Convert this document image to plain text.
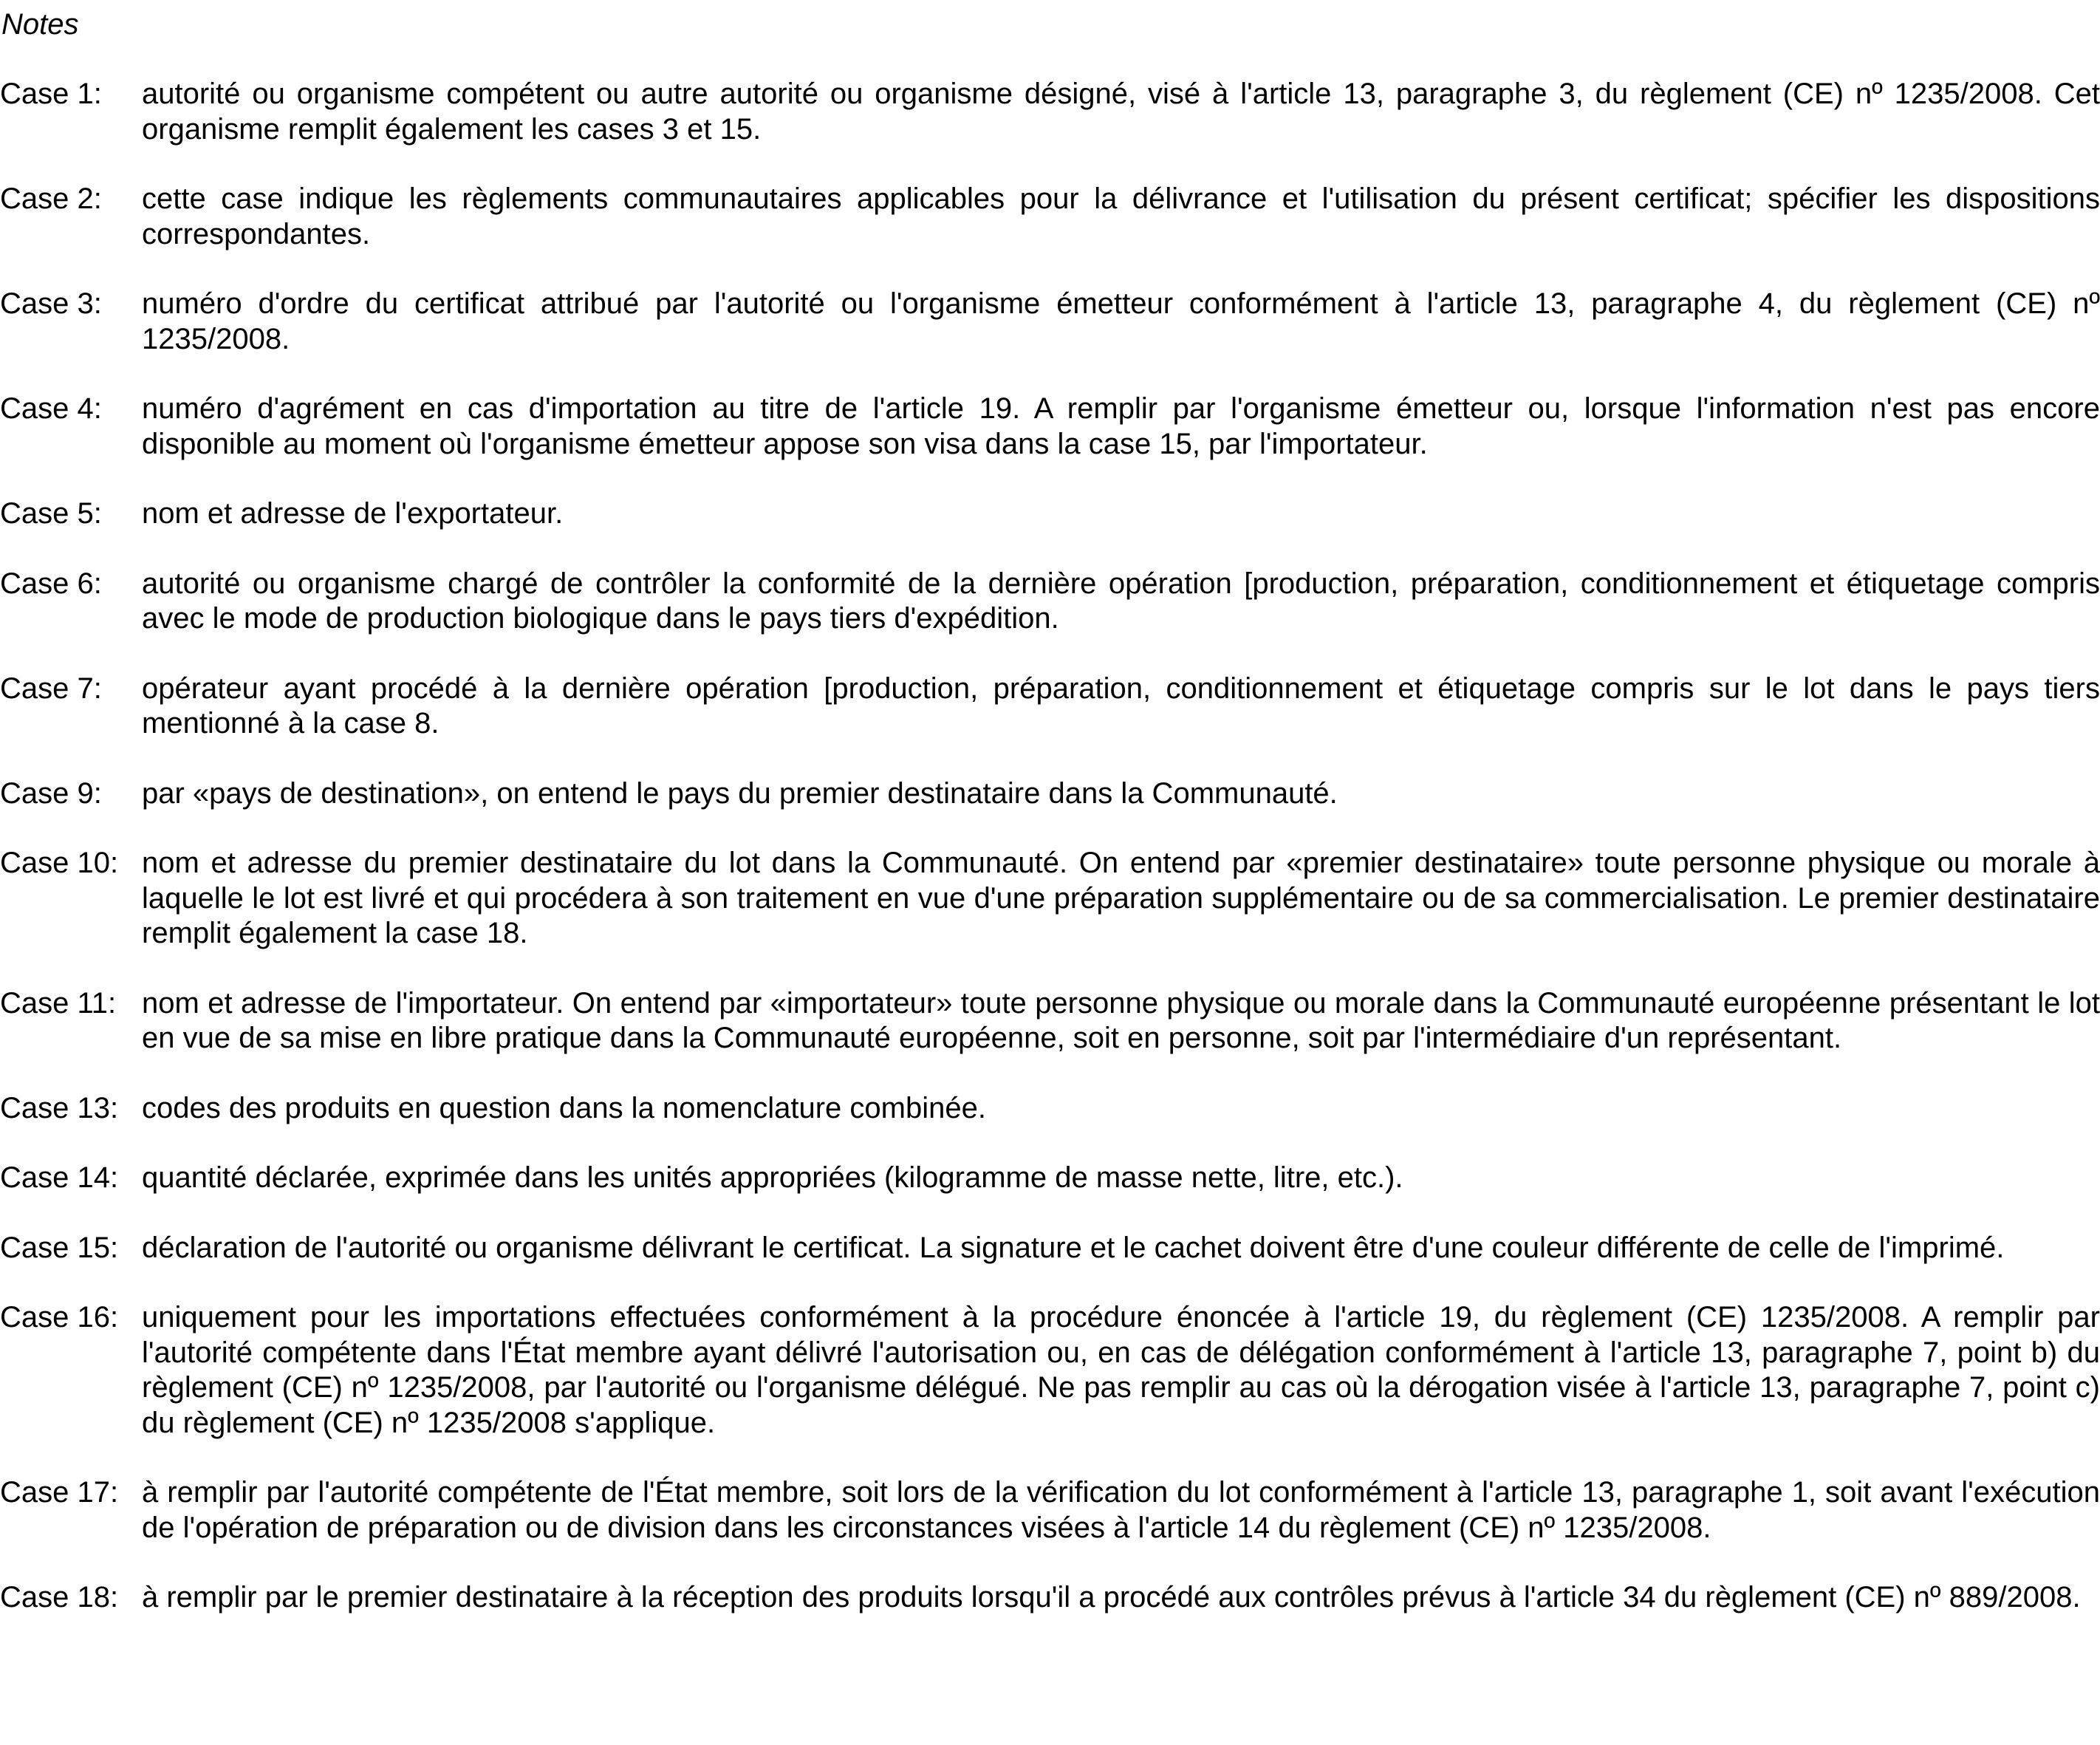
Notes
Case 1:	autorité ou organisme compétent ou autre autorité ou organisme désigné, visé à l'article 13, paragraphe 3, du règlement (CE) nº 1235/2008. Cet organisme remplit également les cases 3 et 15.
Case 2:	cette case indique les règlements communautaires applicables pour la délivrance et l'utilisation du présent certificat; spécifier les dispositions correspondantes.
Case 3:	numéro d'ordre du certificat attribué par l'autorité ou l'organisme émetteur conformément à l'article 13, paragraphe 4, du règlement (CE) nº 1235/2008.
Case 4:	numéro d'agrément en cas d'importation au titre de l'article 19. A remplir par l'organisme émetteur ou, lorsque l'information n'est pas encore disponible au moment où l'organisme émetteur appose son visa dans la case 15, par l'importateur.
Case 5:	nom et adresse de l'exportateur.
Case 6:	autorité ou organisme chargé de contrôler la conformité de la dernière opération [production, préparation, conditionnement et étiquetage compris avec le mode de production biologique dans le pays tiers d'expédition.
Case 7:	opérateur ayant procédé à la dernière opération [production, préparation, conditionnement et étiquetage compris sur le lot dans le pays tiers mentionné à la case 8.
Case 9:	par «pays de destination», on entend le pays du premier destinataire dans la Communauté.
Case 10: nom et adresse du premier destinataire du lot dans la Communauté. On entend par «premier destinataire» toute personne physique ou morale à laquelle le lot est livré et qui procédera à son traitement en vue d'une préparation supplémentaire ou de sa commercialisation. Le premier destinataire remplit également la case 18.
Case 11: nom et adresse de l'importateur. On entend par «importateur» toute personne physique ou morale dans la Communauté européenne présentant le lot en vue de sa mise en libre pratique dans la Communauté européenne, soit en personne, soit par l'intermédiaire d'un représentant.
Case 13: codes des produits en question dans la nomenclature combinée.
Case 14: quantité déclarée, exprimée dans les unités appropriées (kilogramme de masse nette, litre, etc.).
Case 15: déclaration de l'autorité ou organisme délivrant le certificat. La signature et le cachet doivent être d'une couleur différente de celle de l'imprimé.
Case 16: uniquement pour les importations effectuées conformément à la procédure énoncée à l'article 19, du règlement (CE) 1235/2008. A remplir par l'autorité compétente dans l'État membre ayant délivré l'autorisation ou, en cas de délégation conformément à l'article 13, paragraphe 7, point b) du règlement (CE) nº 1235/2008, par l'autorité ou l'organisme délégué. Ne pas remplir au cas où la dérogation visée à l'article 13, paragraphe 7, point c) du règlement (CE) nº 1235/2008 s'applique.
Case 17: à remplir par l'autorité compétente de l'État membre, soit lors de la vérification du lot conformément à l'article 13, paragraphe 1, soit avant l'exécution de l'opération de préparation ou de division dans les circonstances visées à l'article 14 du règlement (CE) nº 1235/2008.
Case 18: à remplir par le premier destinataire à la réception des produits lorsqu'il a procédé aux contrôles prévus à l'article 34 du règlement (CE) nº 889/2008.
